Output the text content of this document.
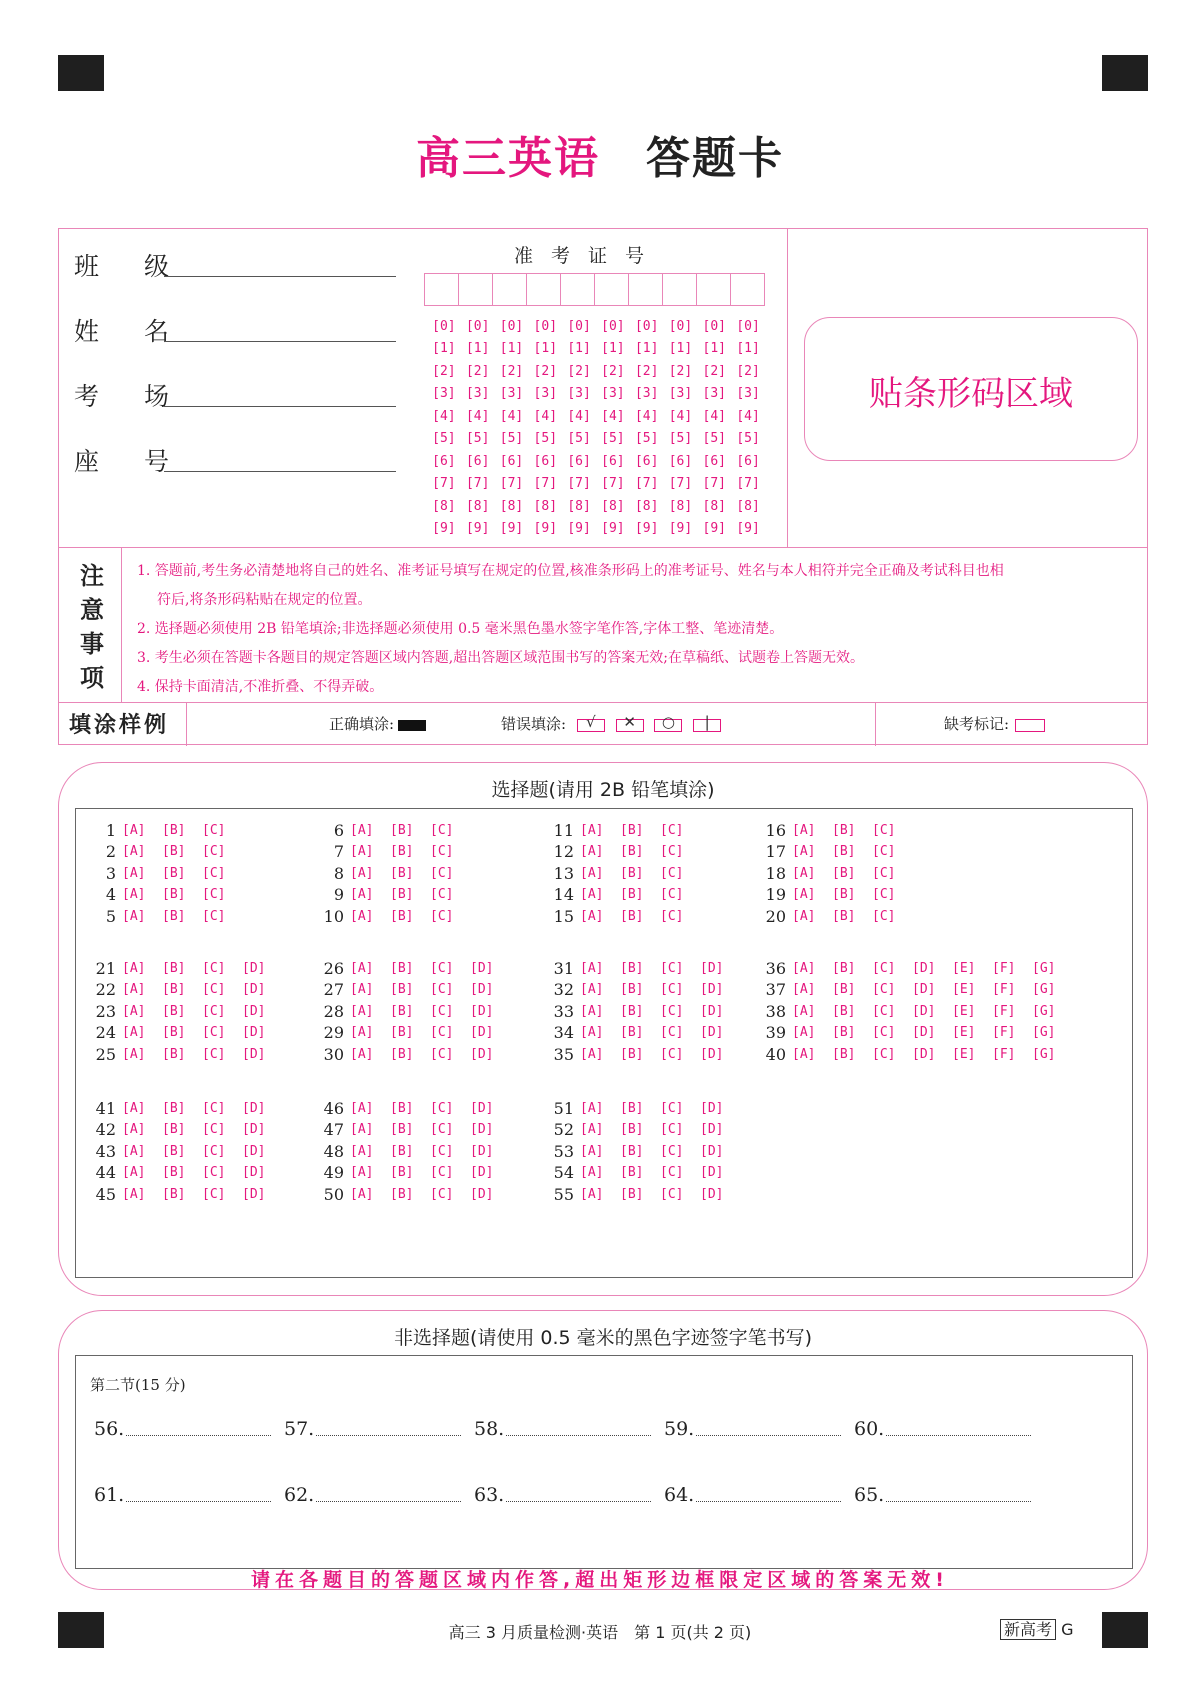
高三英语 答题卡
班　级
姓　名
考　场
座　号
准考证号
[0] [0] [0] [0] [0] [0] [0] [0] [0] [0]
[1] [1] [1] [1] [1] [1] [1] [1] [1] [1]
[2] [2] [2] [2] [2] [2] [2] [2] [2] [2]
[3] [3] [3] [3] [3] [3] [3] [3] [3] [3]
[4] [4] [4] [4] [4] [4] [4] [4] [4] [4]
[5] [5] [5] [5] [5] [5] [5] [5] [5] [5]
[6] [6] [6] [6] [6] [6] [6] [6] [6] [6]
[7] [7] [7] [7] [7] [7] [7] [7] [7] [7]
[8] [8] [8] [8] [8] [8] [8] [8] [8] [8]
[9] [9] [9] [9] [9] [9] [9] [9] [9] [9]
贴条形码区域
注
意
事
项
1. 答题前,考生务必清楚地将自己的姓名、准考证号填写在规定的位置,核准条形码上的准考证号、姓名与本人相符并完全正确及考试科目也相
符后,将条形码粘贴在规定的位置。
2. 选择题必须使用 2B 铅笔填涂;非选择题必须使用 0.5 毫米黑色墨水签字笔作答,字体工整、笔迹清楚。
3. 考生必须在答题卡各题目的规定答题区域内答题,超出答题区域范围书写的答案无效;在草稿纸、试题卷上答题无效。
4. 保持卡面清洁,不准折叠、不得弄破。
填涂样例	正确填涂:	错误填涂:	√
	✕
	○
	|	缺考标记:
选择题(请用 2B 铅笔填涂)
1 [A]	[B]	[C]
2 [A]	[B]	[C]
3 [A]	[B]	[C]
4 [A]	[B]	[C]
5 [A]	[B]	[C]
6 [A]	[B]	[C]
7 [A]	[B]	[C]
8 [A]	[B]	[C]
9 [A]	[B]	[C]
10 [A]	[B]	[C]
11 [A]	[B]	[C]
12 [A]	[B]	[C]
13 [A]	[B]	[C]
14 [A]	[B]	[C]
15 [A]	[B]	[C]
16 [A]	[B]	[C]
17 [A]	[B]	[C]
18 [A]	[B]	[C]
19 [A]	[B]	[C]
20 [A]	[B]	[C]
21 [A]	[B]	[C]	[D]
22 [A]	[B]	[C]	[D]
23 [A]	[B]	[C]	[D]
24 [A]	[B]	[C]	[D]
25 [A]	[B]	[C]	[D]
26 [A]	[B]	[C]	[D]
27 [A]	[B]	[C]	[D]
28 [A]	[B]	[C]	[D]
29 [A]	[B]	[C]	[D]
30 [A]	[B]	[C]	[D]
31 [A]	[B]	[C]	[D]
32 [A]	[B]	[C]	[D]
33 [A]	[B]	[C]	[D]
34 [A]	[B]	[C]	[D]
35 [A]	[B]	[C]	[D]
36 [A]	[B]	[C]	[D]	[E]	[F]	[G]
37 [A]	[B]	[C]	[D]	[E]	[F]	[G]
38 [A]	[B]	[C]	[D]	[E]	[F]	[G]
39 [A]	[B]	[C]	[D]	[E]	[F]	[G]
40 [A]	[B]	[C]	[D]	[E]	[F]	[G]
41 [A]	[B]	[C]	[D]
42 [A]	[B]	[C]	[D]
43 [A]	[B]	[C]	[D]
44 [A]	[B]	[C]	[D]
45 [A]	[B]	[C]	[D]
46 [A]	[B]	[C]	[D]
47 [A]	[B]	[C]	[D]
48 [A]	[B]	[C]	[D]
49 [A]	[B]	[C]	[D]
50 [A]	[B]	[C]	[D]
51 [A]	[B]	[C]	[D]
52 [A]	[B]	[C]	[D]
53 [A]	[B]	[C]	[D]
54 [A]	[B]	[C]	[D]
55 [A]	[B]	[C]	[D]
非选择题(请使用 0.5 毫米的黑色字迹签字笔书写)
第二节(15 分)
56.	57.	58.	59.	60.
61.	62.	63.	64.	65.
请在各题目的答题区域内作答,超出矩形边框限定区域的答案无效!
高三 3 月质量检测·英语　第 1 页(共 2 页)	新高考 G
